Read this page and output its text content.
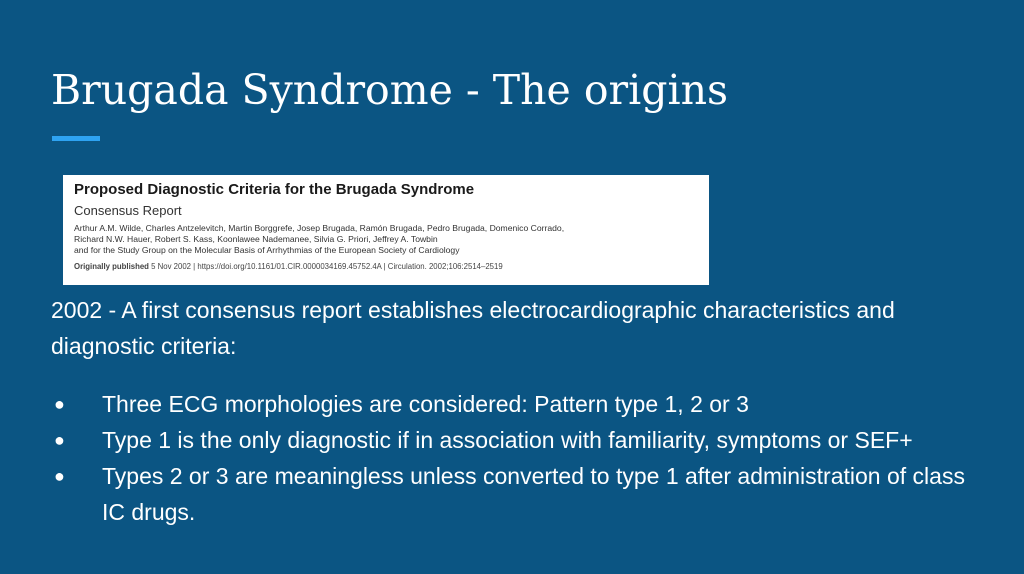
Brugada Syndrome - The origins
Proposed Diagnostic Criteria for the Brugada Syndrome
Consensus Report
Arthur A.M. Wilde, Charles Antzelevitch, Martin Borggrefe, Josep Brugada, Ramón Brugada, Pedro Brugada, Domenico Corrado,
Richard N.W. Hauer, Robert S. Kass, Koonlawee Nademanee, Silvia G. Priori, Jeffrey A. Towbin
and for the Study Group on the Molecular Basis of Arrhythmias of the European Society of Cardiology
Originally published 5 Nov 2002 | https://doi.org/10.1161/01.CIR.0000034169.45752.4A | Circulation. 2002;106:2514–2519

2002 - A first consensus report establishes electrocardiographic characteristics and diagnostic criteria:

● Three ECG morphologies are considered: Pattern type 1, 2 or 3
● Type 1 is the only diagnostic if in association with familiarity, symptoms or SEF+
● Types 2 or 3 are meaningless unless converted to type 1 after administration of class IC drugs.
